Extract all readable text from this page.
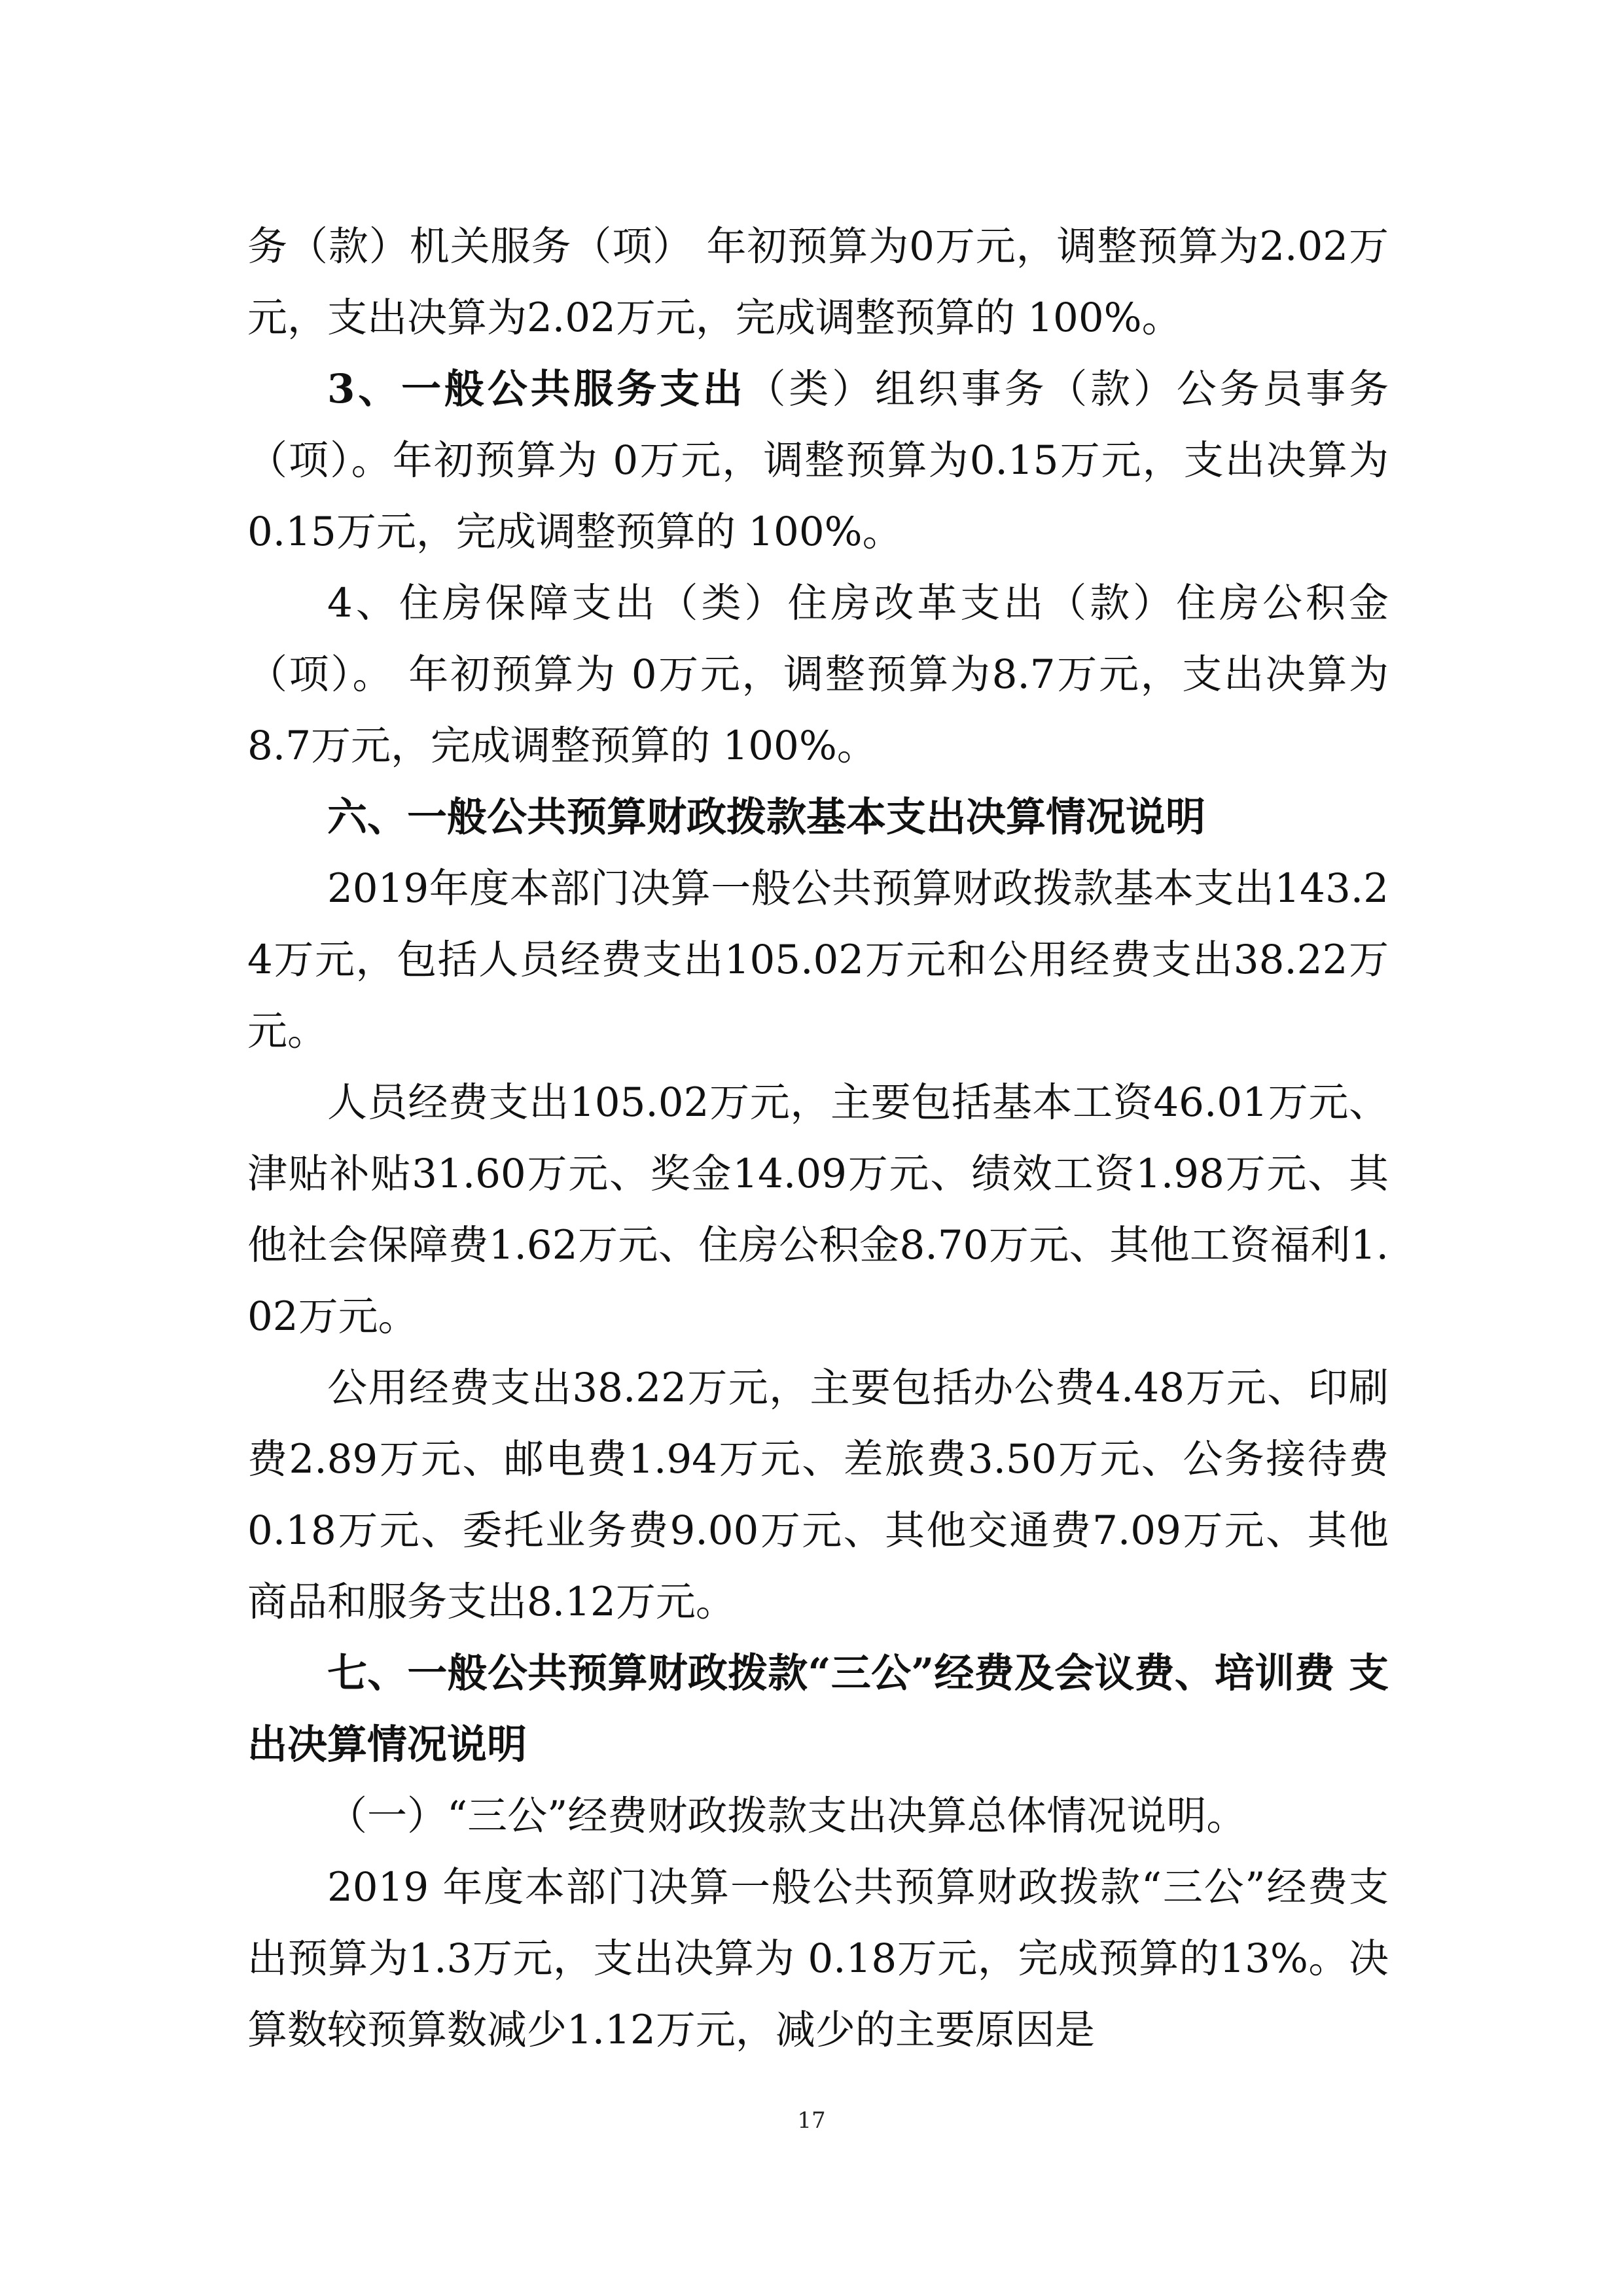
务（款）机关服务（项） 年初预算为0万元，调整预算为2.02万元，支出决算为2.02万元，完成调整预算的 100%。

3、一般公共服务支出（类）组织事务（款）公务员事务（项）。年初预算为 0万元，调整预算为0.15万元，支出决算为 0.15万元，完成调整预算的 100%。

4、住房保障支出（类）住房改革支出（款）住房公积金（项）。 年初预算为 0万元，调整预算为8.7万元，支出决算为 8.7万元，完成调整预算的 100%。

六、一般公共预算财政拨款基本支出决算情况说明

2019年度本部门决算一般公共预算财政拨款基本支出143.24万元，包括人员经费支出105.02万元和公用经费支出38.22万元。

人员经费支出105.02万元，主要包括基本工资46.01万元、津贴补贴31.60万元、奖金14.09万元、绩效工资1.98万元、其他社会保障费1.62万元、住房公积金8.70万元、其他工资福利1.02万元。

公用经费支出38.22万元，主要包括办公费4.48万元、印刷费2.89万元、邮电费1.94万元、差旅费3.50万元、公务接待费0.18万元、委托业务费9.00万元、其他交通费7.09万元、其他商品和服务支出8.12万元。

七、一般公共预算财政拨款“三公”经费及会议费、培训费 支出决算情况说明

（一）“三公”经费财政拨款支出决算总体情况说明。

2019 年度本部门决算一般公共预算财政拨款“三公”经费支出预算为1.3万元，支出决算为 0.18万元，完成预算的13%。决算数较预算数减少1.12万元，减少的主要原因是

17
